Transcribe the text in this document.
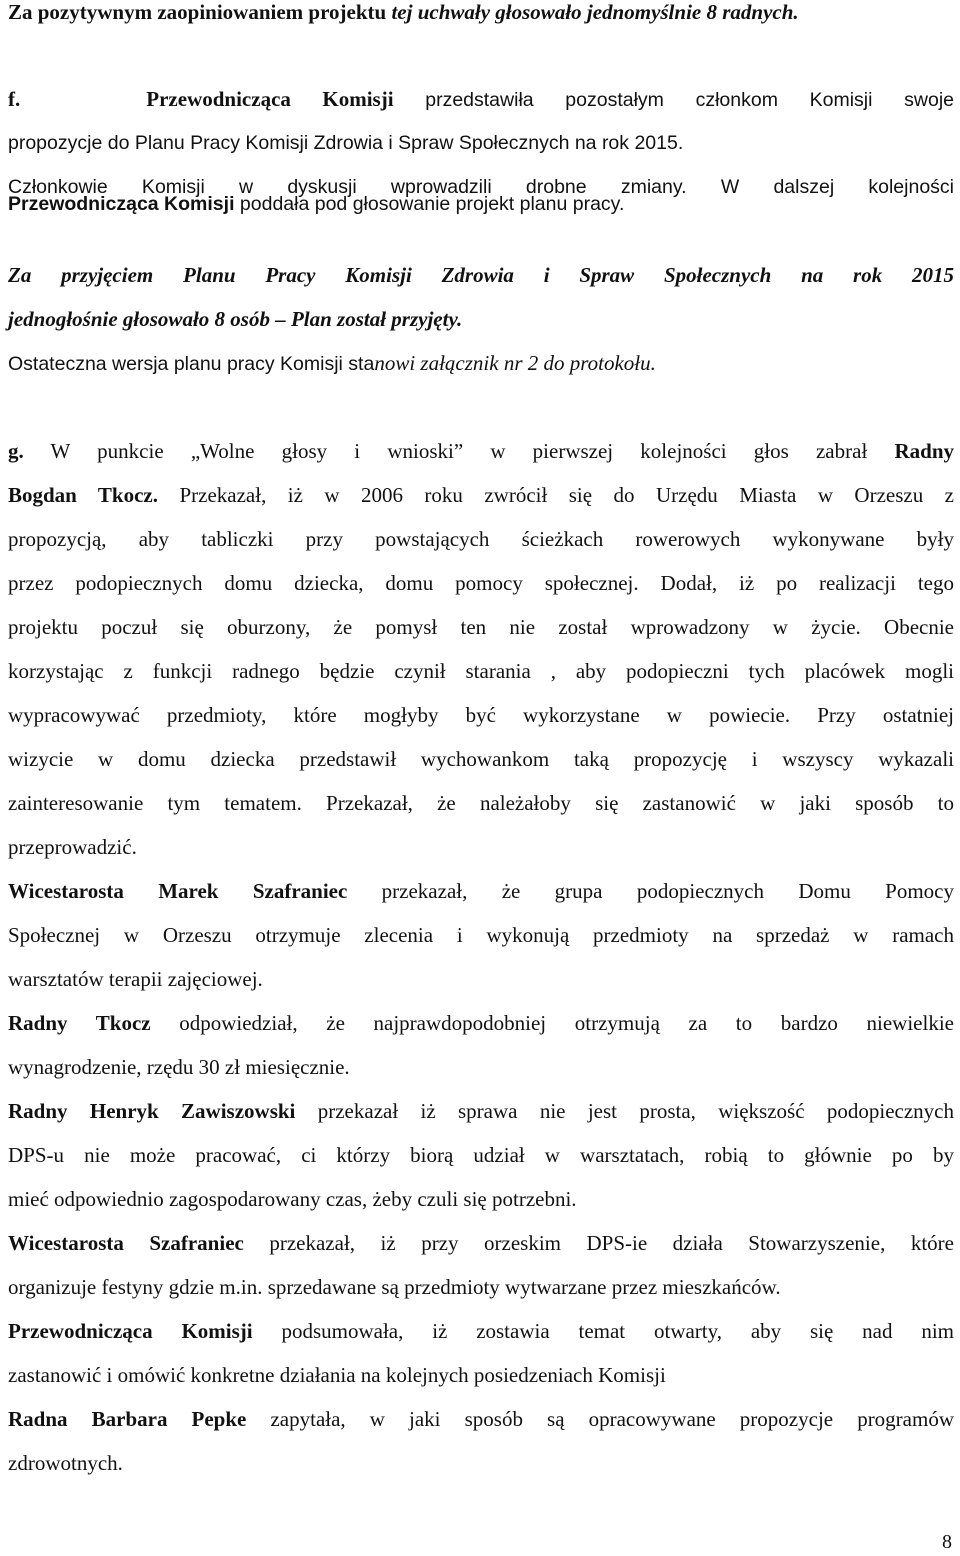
Za pozytywnym zaopiniowaniem projektu tej uchwały głosowało jednomyślnie 8 radnych.
f.	Przewodnicząca Komisji przedstawiła pozostałym członkom Komisji swoje
propozycje do Planu Pracy Komisji Zdrowia i Spraw Społecznych na rok 2015.
Członkowie Komisji w dyskusji wprowadzili drobne zmiany. W dalszej kolejności
Przewodnicząca Komisji poddała pod głosowanie projekt planu pracy.
Za przyjęciem Planu Pracy Komisji Zdrowia i Spraw Społecznych na rok 2015
jednogłośnie głosowało 8 osób – Plan został przyjęty.
Ostateczna wersja planu pracy Komisji stanowi załącznik nr 2 do protokołu.
g. W punkcie „Wolne głosy i wnioski” w pierwszej kolejności głos zabrał Radny
Bogdan Tkocz. Przekazał, iż w 2006 roku zwrócił się do Urzędu Miasta w Orzeszu z
propozycją, aby tabliczki przy powstających ścieżkach rowerowych wykonywane były
przez podopiecznych domu dziecka, domu pomocy społecznej. Dodał, iż po realizacji tego
projektu poczuł się oburzony, że pomysł ten nie został wprowadzony w życie. Obecnie
korzystając z funkcji radnego będzie czynił starania , aby podopieczni tych placówek mogli
wypracowywać przedmioty, które mogłyby być wykorzystane w powiecie. Przy ostatniej
wizycie w domu dziecka przedstawił wychowankom taką propozycję i wszyscy wykazali
zainteresowanie tym tematem. Przekazał, że należałoby się zastanowić w jaki sposób to
przeprowadzić.
Wicestarosta Marek Szafraniec przekazał, że grupa podopiecznych Domu Pomocy
Społecznej w Orzeszu otrzymuje zlecenia i wykonują przedmioty na sprzedaż w ramach
warsztatów terapii zajęciowej.
Radny Tkocz odpowiedział, że najprawdopodobniej otrzymują za to bardzo niewielkie
wynagrodzenie, rzędu 30 zł miesięcznie.
Radny Henryk Zawiszowski przekazał iż sprawa nie jest prosta, większość podopiecznych
DPS-u nie może pracować, ci którzy biorą udział w warsztatach, robią to głównie po by
mieć odpowiednio zagospodarowany czas, żeby czuli się potrzebni.
Wicestarosta Szafraniec przekazał, iż przy orzeskim DPS-ie działa Stowarzyszenie, które
organizuje festyny gdzie m.in. sprzedawane są przedmioty wytwarzane przez mieszkańców.
Przewodnicząca Komisji podsumowała, iż zostawia temat otwarty, aby się nad nim
zastanowić i omówić konkretne działania na kolejnych posiedzeniach Komisji
Radna Barbara Pepke zapytała, w jaki sposób są opracowywane propozycje programów
zdrowotnych.
8
